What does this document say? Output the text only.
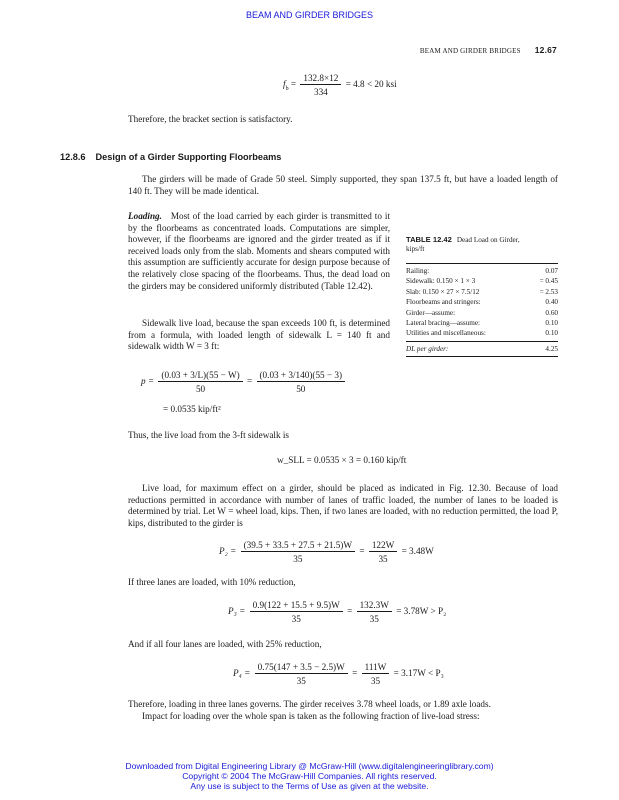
BEAM AND GIRDER BRIDGES
BEAM AND GIRDER BRIDGES 12.67
$f_b = \frac{132.8\times 12}{334} = 4.8 < 20$ ksi
Therefore, the bracket section is satisfactory.
12.8.6 Design of a Girder Supporting Floorbeams
The girders will be made of Grade 50 steel. Simply supported, they span 137.5 ft, but have a loaded length of 140 ft. They will be made identical.
Loading. Most of the load carried by each girder is transmitted to it by the floorbeams as concentrated loads. Computations are simpler, however, if the floorbeams are ignored and the girder treated as if it received loads only from the slab. Moments and shears computed with this assumption are sufficiently accurate for design purpose because of the relatively close spacing of the floorbeams. Thus, the dead load on the girders may be considered uniformly distributed (Table 12.42).
Sidewalk live load, because the span exceeds 100 ft, is determined from a formula, with loaded length of sidewalk L = 140 ft and sidewalk width W = 3 ft:
TABLE 12.42 Dead Load on Girder,
kips/ft
Railing:	0.07
Sidewalk: 0.150 × 1 × 3	= 0.45
Slab: 0.150 × 27 × 7.5/12	= 2.53
Floorbeams and stringers:	0.40
Girder—assume:	0.60
Lateral bracing—assume:	0.10
Utilities and miscellaneous:	0.10
DL per girder:	4.25
$p = \frac{(0.03 + 3/L)(55 - W)}{50} = \frac{(0.03 + 3/140)(55 - 3)}{50}$
= 0.0535 kip/ft²
Thus, the live load from the 3-ft sidewalk is
w_SLL = 0.0535 × 3 = 0.160 kip/ft
Live load, for maximum effect on a girder, should be placed as indicated in Fig. 12.30. Because of load reductions permitted in accordance with number of lanes of traffic loaded, the number of lanes to be loaded is determined by trial. Let W = wheel load, kips. Then, if two lanes are loaded, with no reduction permitted, the load P, kips, distributed to the girder is
$P_2 = \frac{(39.5 + 33.5 + 27.5 + 21.5)W}{35} = \frac{122W}{35} = 3.48W$
If three lanes are loaded, with 10% reduction,
$P_3 = \frac{0.9(122 + 15.5 + 9.5)W}{35} = \frac{132.3W}{35} = 3.78W > P_2$
And if all four lanes are loaded, with 25% reduction,
$P_4 = \frac{0.75(147 + 3.5 - 2.5)W}{35} = \frac{111W}{35} = 3.17W < P_3$
Therefore, loading in three lanes governs. The girder receives 3.78 wheel loads, or 1.89 axle loads.
Impact for loading over the whole span is taken as the following fraction of live-load stress:
Downloaded from Digital Engineering Library @ McGraw-Hill (www.digitalengineeringlibrary.com)
Copyright © 2004 The McGraw-Hill Companies. All rights reserved.
Any use is subject to the Terms of Use as given at the website.
